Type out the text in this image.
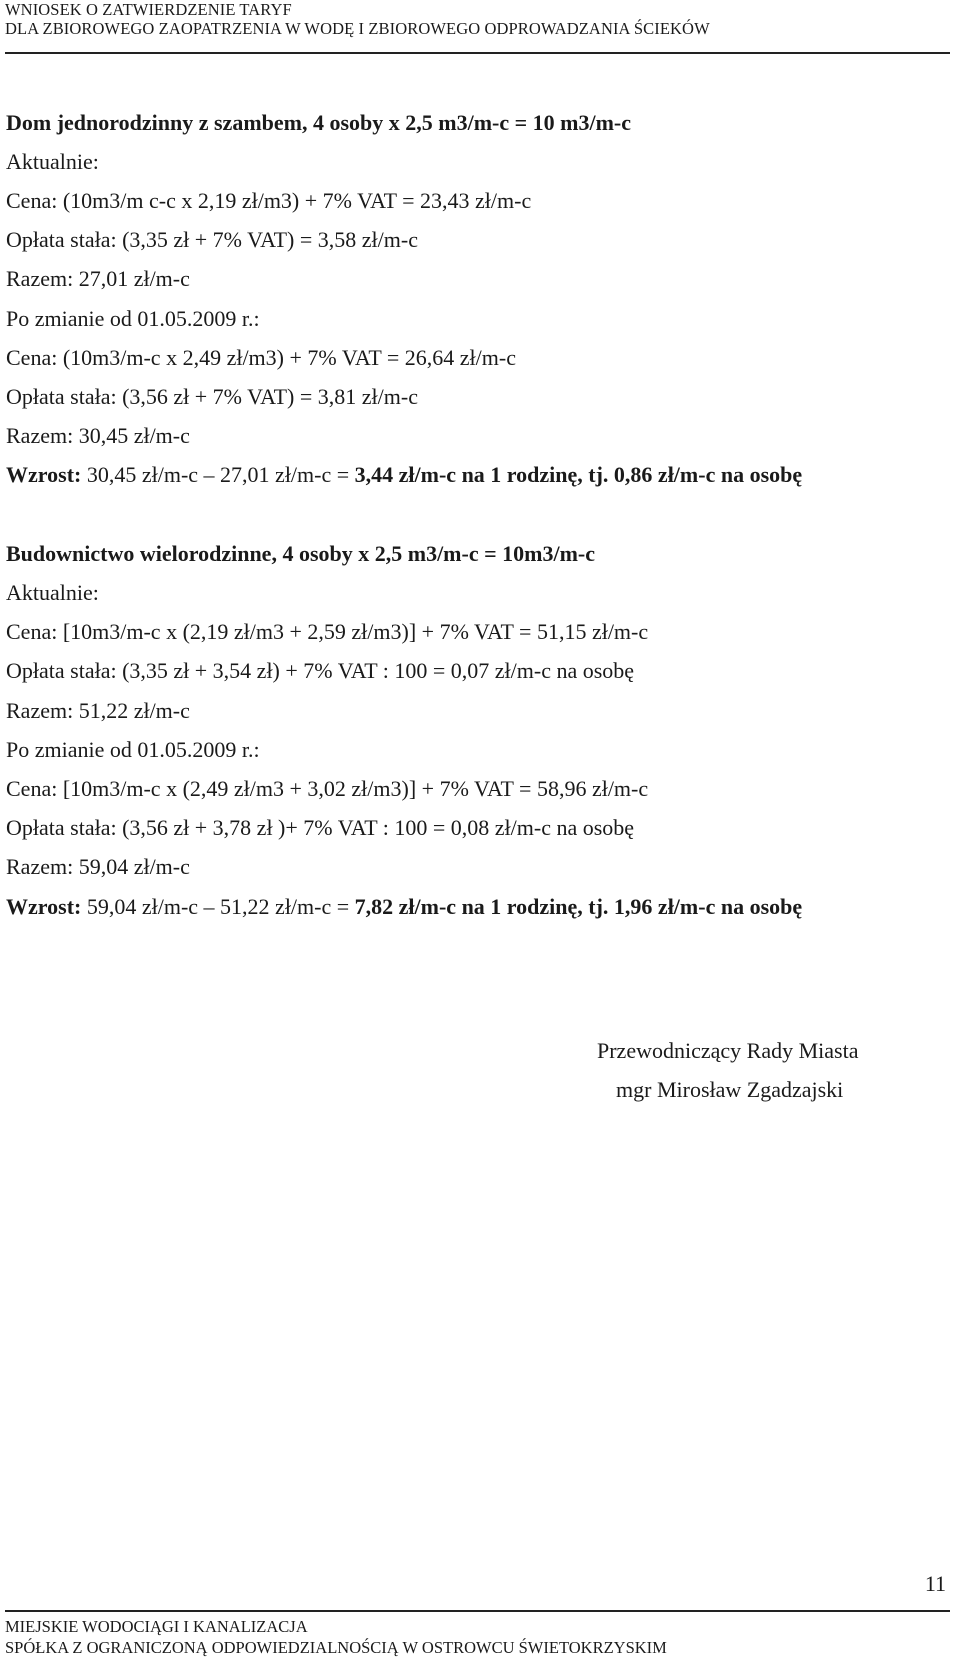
WNIOSEK O ZATWIERDZENIE TARYF
DLA ZBIOROWEGO ZAOPATRZENIA W WODĘ I ZBIOROWEGO ODPROWADZANIA ŚCIEKÓW
Dom jednorodzinny z szambem, 4 osoby x 2,5 m3/m-c = 10 m3/m-c
Aktualnie:
Cena: (10m3/m c-c x 2,19 zł/m3) + 7% VAT = 23,43 zł/m-c
Opłata stała: (3,35 zł + 7% VAT) = 3,58 zł/m-c
Razem: 27,01 zł/m-c
Po zmianie od 01.05.2009 r.:
Cena: (10m3/m-c x 2,49 zł/m3) + 7% VAT = 26,64 zł/m-c
Opłata stała: (3,56 zł + 7% VAT) = 3,81 zł/m-c
Razem: 30,45 zł/m-c
Wzrost: 30,45 zł/m-c – 27,01 zł/m-c = 3,44 zł/m-c na 1 rodzinę, tj. 0,86 zł/m-c na osobę
Budownictwo wielorodzinne, 4 osoby x 2,5 m3/m-c = 10m3/m-c
Aktualnie:
Cena: [10m3/m-c x (2,19 zł/m3 + 2,59 zł/m3)] + 7% VAT = 51,15 zł/m-c
Opłata stała: (3,35 zł + 3,54 zł) + 7% VAT : 100 = 0,07 zł/m-c na osobę
Razem: 51,22 zł/m-c
Po zmianie od 01.05.2009 r.:
Cena: [10m3/m-c x (2,49 zł/m3 + 3,02 zł/m3)] + 7% VAT = 58,96 zł/m-c
Opłata stała: (3,56 zł + 3,78 zł )+ 7% VAT : 100 = 0,08 zł/m-c na osobę
Razem: 59,04 zł/m-c
Wzrost: 59,04 zł/m-c – 51,22 zł/m-c = 7,82 zł/m-c na 1 rodzinę, tj. 1,96 zł/m-c na osobę
Przewodniczący Rady Miasta
mgr Mirosław Zgadzajski
11
MIEJSKIE WODOCIĄGI I KANALIZACJA
SPÓŁKA Z OGRANICZONĄ ODPOWIEDZIALNOŚCIĄ W OSTROWCU ŚWIETOKRZYSKIM
